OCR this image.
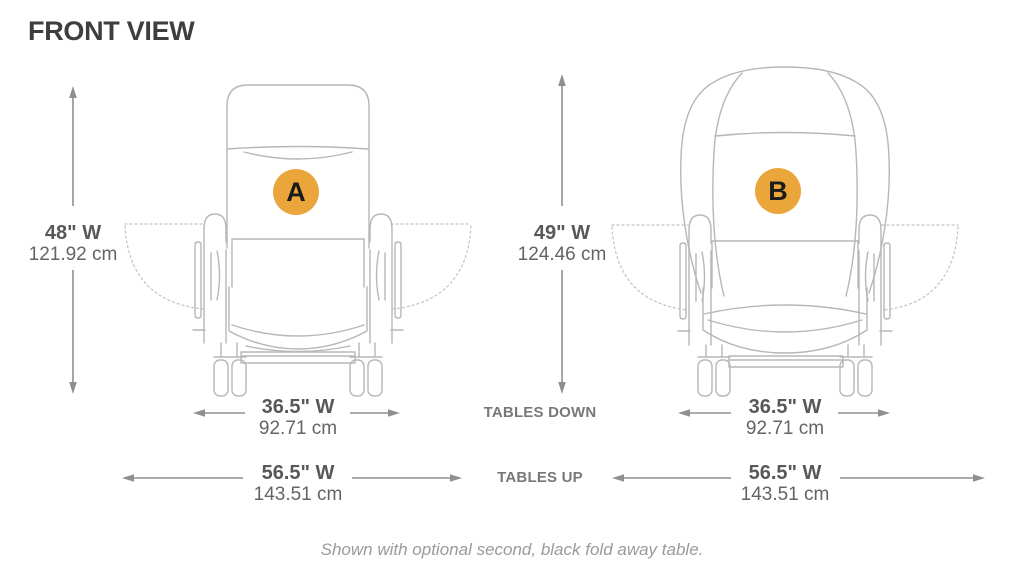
FRONT VIEW
A	B
48" W
121.92 cm
49" W
124.46 cm
36.5" W
92.71 cm
TABLES DOWN	36.5" W
92.71 cm
56.5" W
143.51 cm
TABLES UP	56.5" W
143.51 cm
Shown with optional second, black fold away table.
